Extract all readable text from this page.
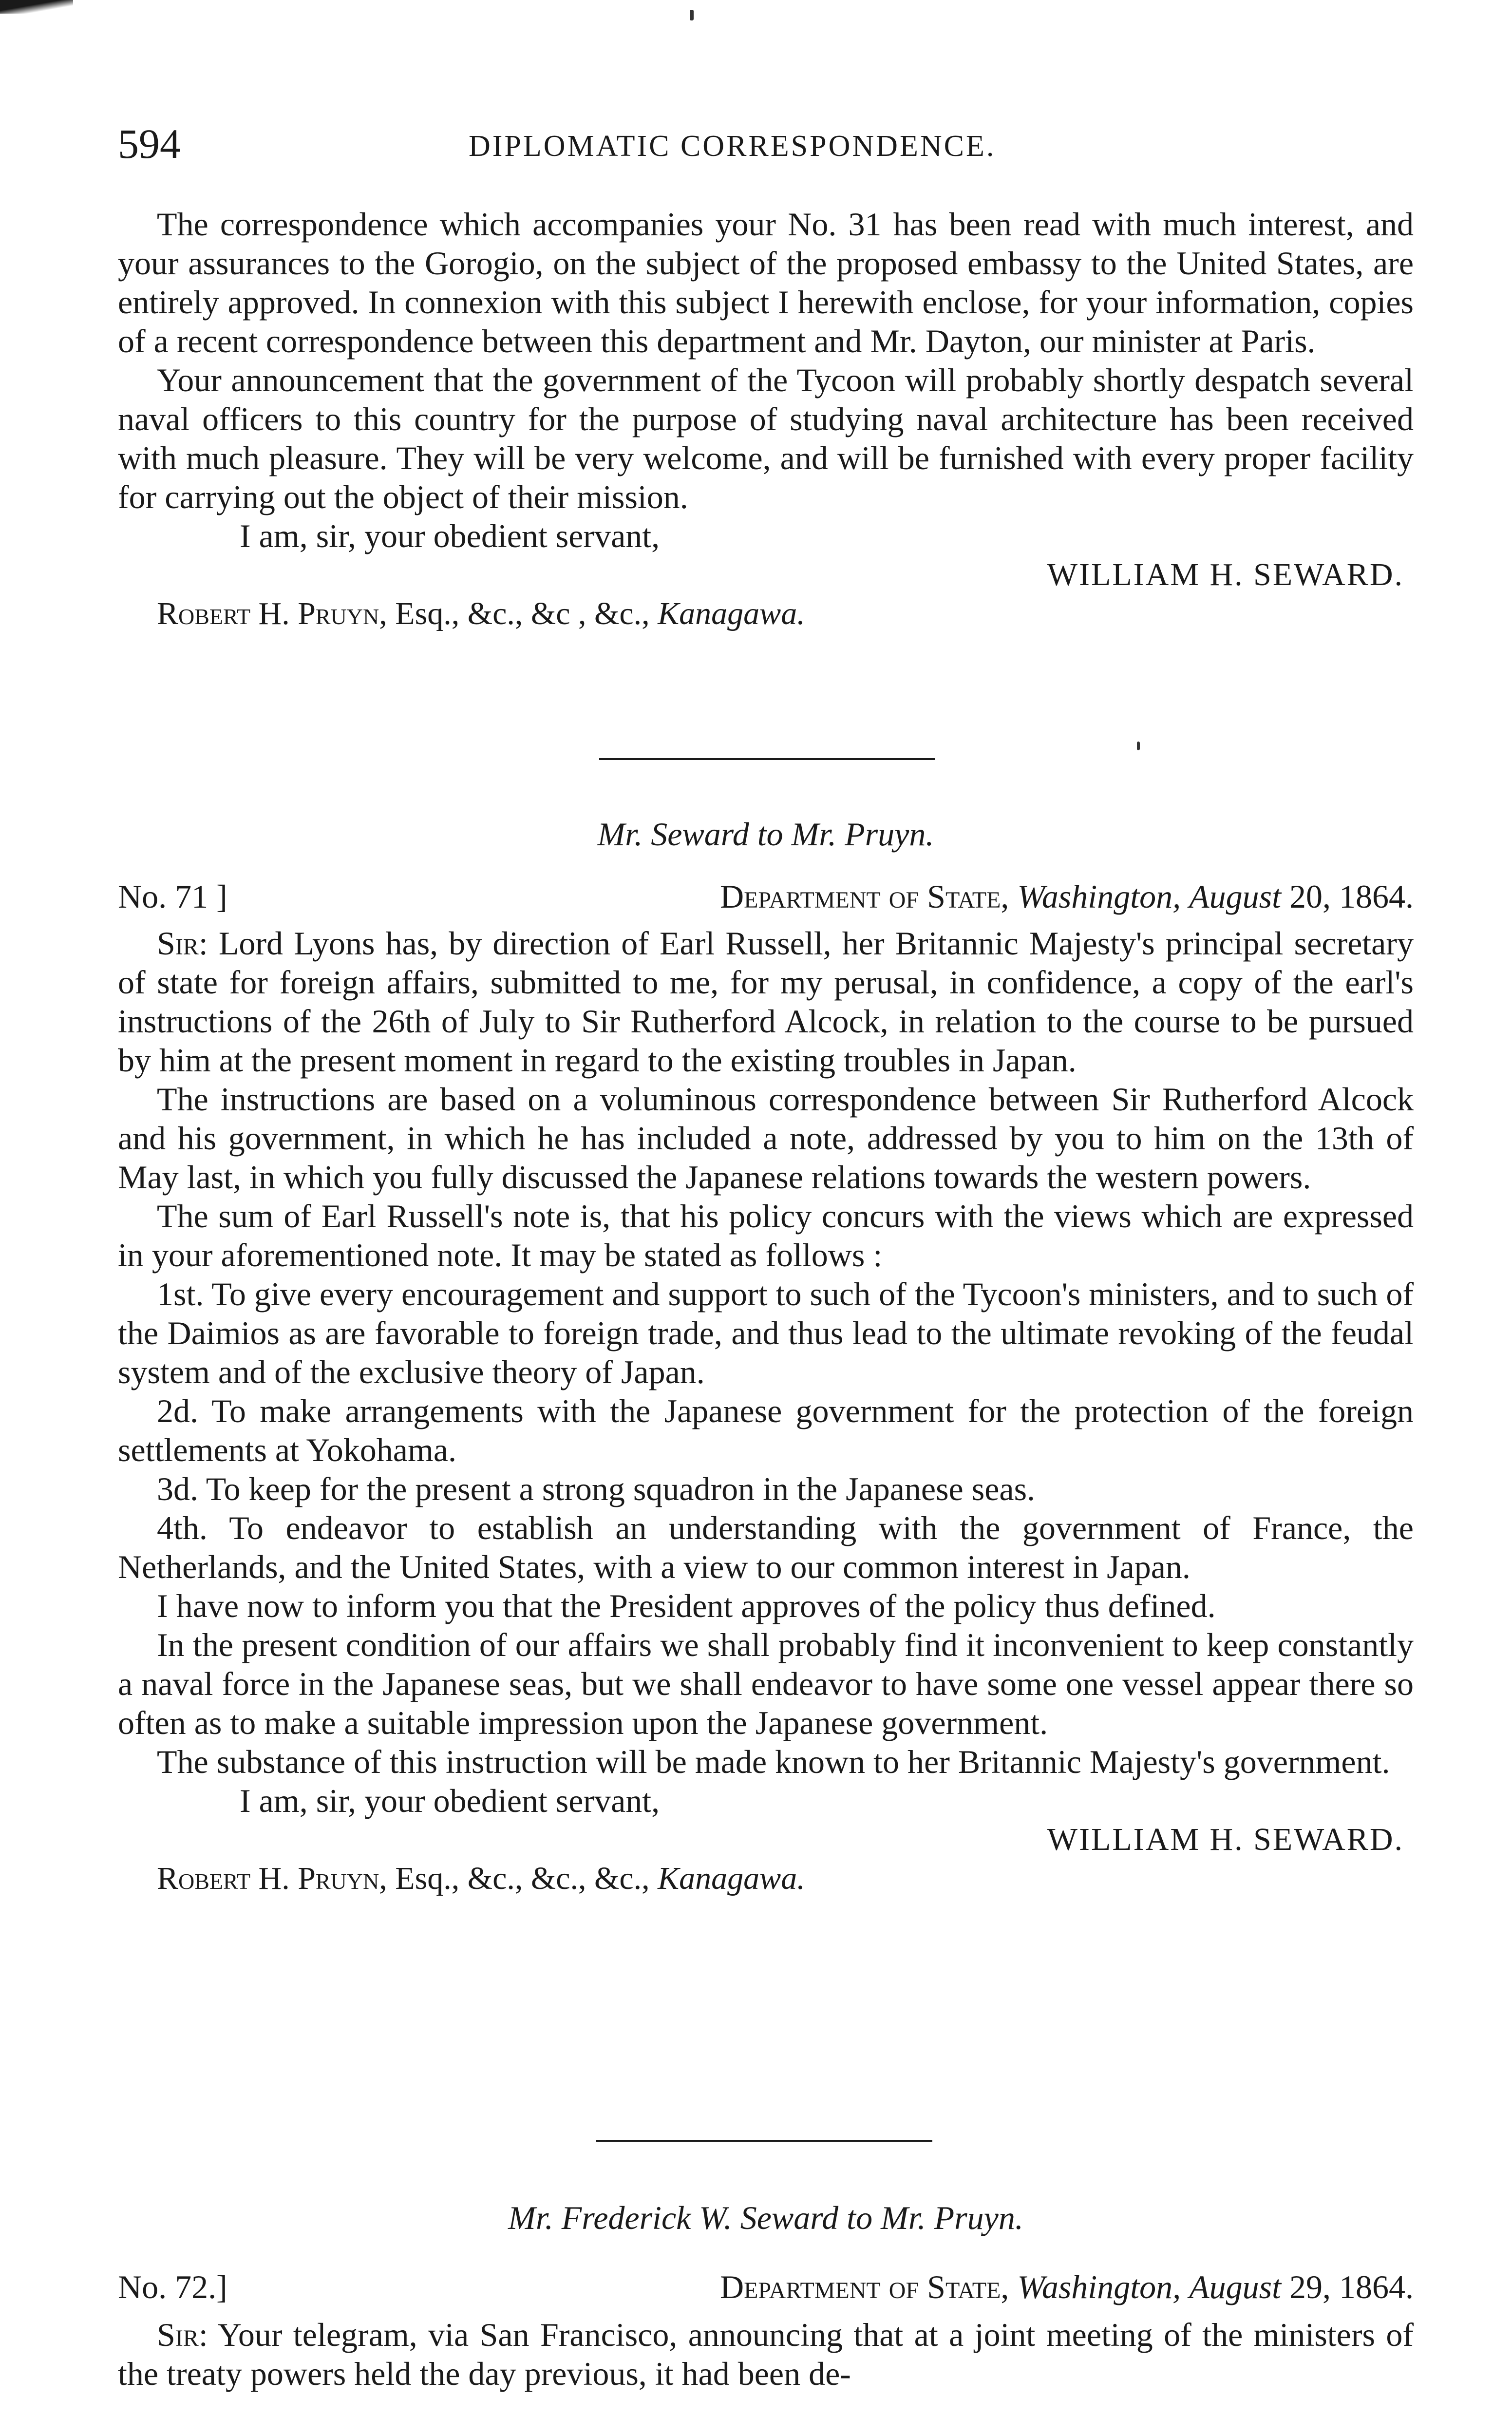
594	DIPLOMATIC CORRESPONDENCE.

The correspondence which accompanies your No. 31 has been read with much interest, and your assurances to the Gorogio, on the subject of the proposed embassy to the United States, are entirely approved. In connexion with this subject I herewith enclose, for your information, copies of a recent correspondence between this department and Mr. Dayton, our minister at Paris.

Your announcement that the government of the Tycoon will probably shortly despatch several naval officers to this country for the purpose of studying naval architecture has been received with much pleasure. They will be very welcome, and will be furnished with every proper facility for carrying out the object of their mission.

I am, sir, your obedient servant,

WILLIAM H. SEWARD.

Robert H. Pruyn, Esq., &c., &c , &c., Kanagawa.

Mr. Seward to Mr. Pruyn.
No. 71 ]	Department of State, Washington, August 20, 1864.

Sir: Lord Lyons has, by direction of Earl Russell, her Britannic Majesty's principal secretary of state for foreign affairs, submitted to me, for my perusal, in confidence, a copy of the earl's instructions of the 26th of July to Sir Rutherford Alcock, in relation to the course to be pursued by him at the present moment in regard to the existing troubles in Japan.

The instructions are based on a voluminous correspondence between Sir Rutherford Alcock and his government, in which he has included a note, addressed by you to him on the 13th of May last, in which you fully discussed the Japanese relations towards the western powers.

The sum of Earl Russell's note is, that his policy concurs with the views which are expressed in your aforementioned note. It may be stated as follows :

1st. To give every encouragement and support to such of the Tycoon's ministers, and to such of the Daimios as are favorable to foreign trade, and thus lead to the ultimate revoking of the feudal system and of the exclusive theory of Japan.

2d. To make arrangements with the Japanese government for the protection of the foreign settlements at Yokohama.

3d. To keep for the present a strong squadron in the Japanese seas.

4th. To endeavor to establish an understanding with the government of France, the Netherlands, and the United States, with a view to our common interest in Japan.

I have now to inform you that the President approves of the policy thus defined.

In the present condition of our affairs we shall probably find it inconvenient to keep constantly a naval force in the Japanese seas, but we shall endeavor to have some one vessel appear there so often as to make a suitable impression upon the Japanese government.

The substance of this instruction will be made known to her Britannic Majesty's government.

I am, sir, your obedient servant,

WILLIAM H. SEWARD.

Robert H. Pruyn, Esq., &c., &c., &c., Kanagawa.

Mr. Frederick W. Seward to Mr. Pruyn.
No. 72.]	Department of State, Washington, August 29, 1864.

Sir: Your telegram, via San Francisco, announcing that at a joint meeting of the ministers of the treaty powers held the day previous, it had been de-
